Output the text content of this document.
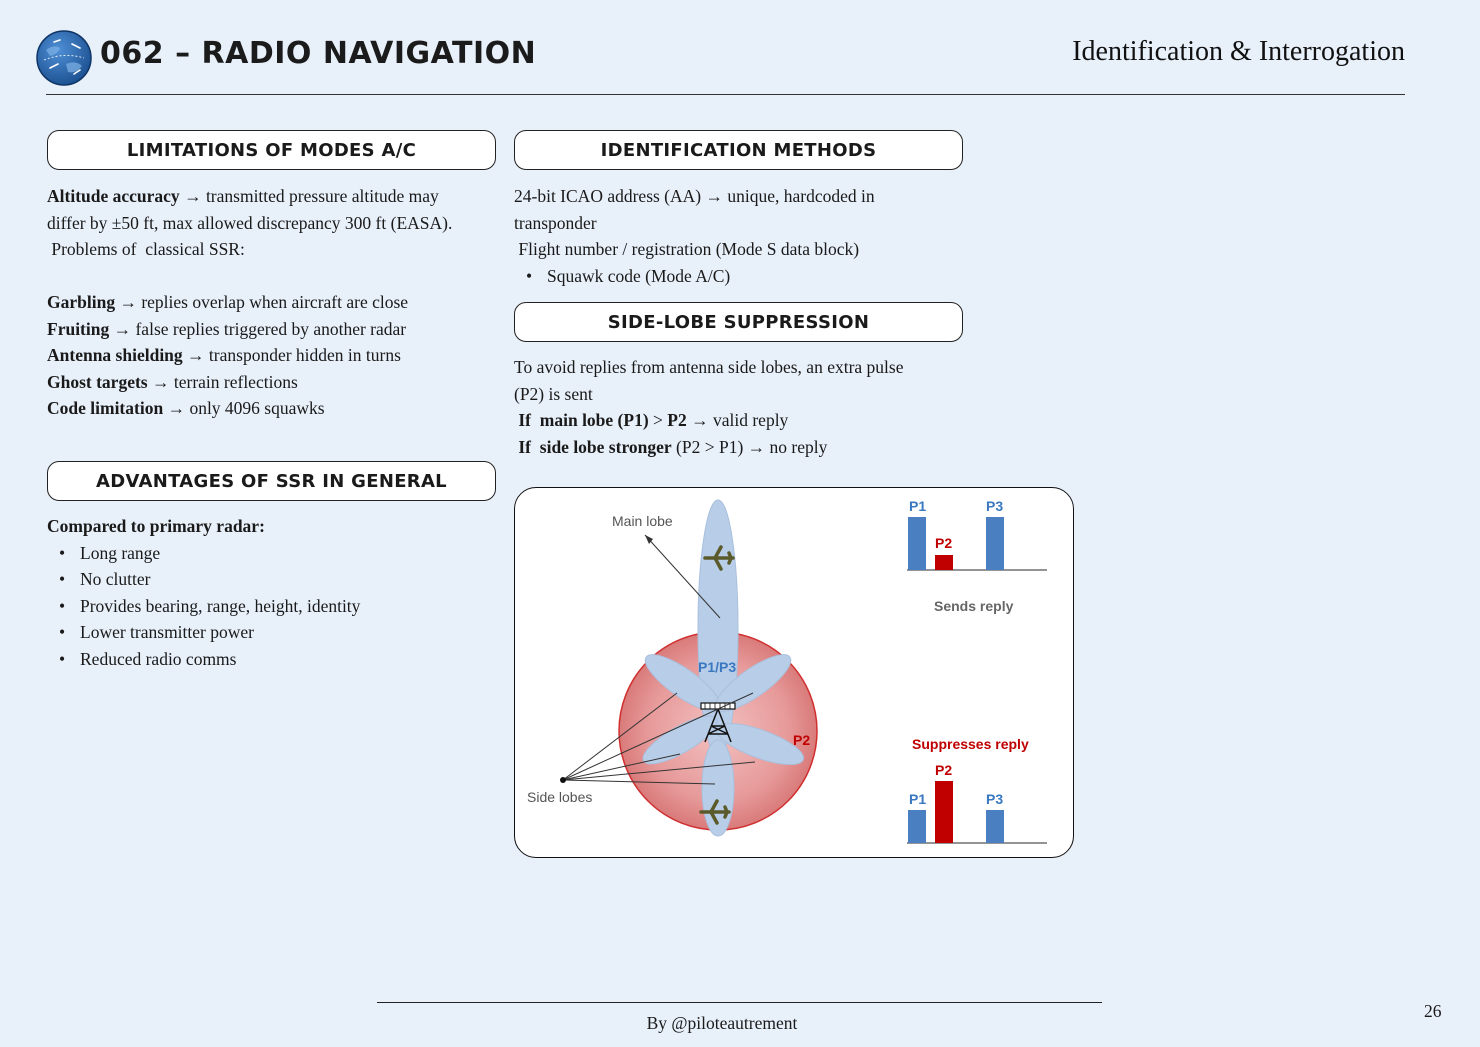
062 – RADIO NAVIGATION	Identification & Interrogation
LIMITATIONS OF MODES A/C

Altitude accuracy → transmitted pressure altitude may

differ by ±50 ft, max allowed discrepancy 300 ft (EASA).

Problems of  classical SSR:

Garbling → replies overlap when aircraft are close

Fruiting → false replies triggered by another radar

Antenna shielding → transponder hidden in turns

Ghost targets → terrain reflections

Code limitation → only 4096 squawks

ADVANTAGES OF SSR IN GENERAL

Compared to primary radar:

• Long range

• No clutter

• Provides bearing, range, height, identity

• Lower transmitter power

• Reduced radio comms

IDENTIFICATION METHODS

24-bit ICAO address (AA) → unique, hardcoded in

transponder

Flight number / registration (Mode S data block)

• Squawk code (Mode A/C)

SIDE-LOBE SUPPRESSION

To avoid replies from antenna side lobes, an extra pulse

(P2) is sent

If  main lobe (P1) > P2 → valid reply

If  side lobe stronger (P2 > P1) → no reply

Main lobe
Side lobes
P1/P3
P2
P1
P2
P3
Sends reply
Suppresses reply
P1
P2
P3
By @piloteautrement
26
